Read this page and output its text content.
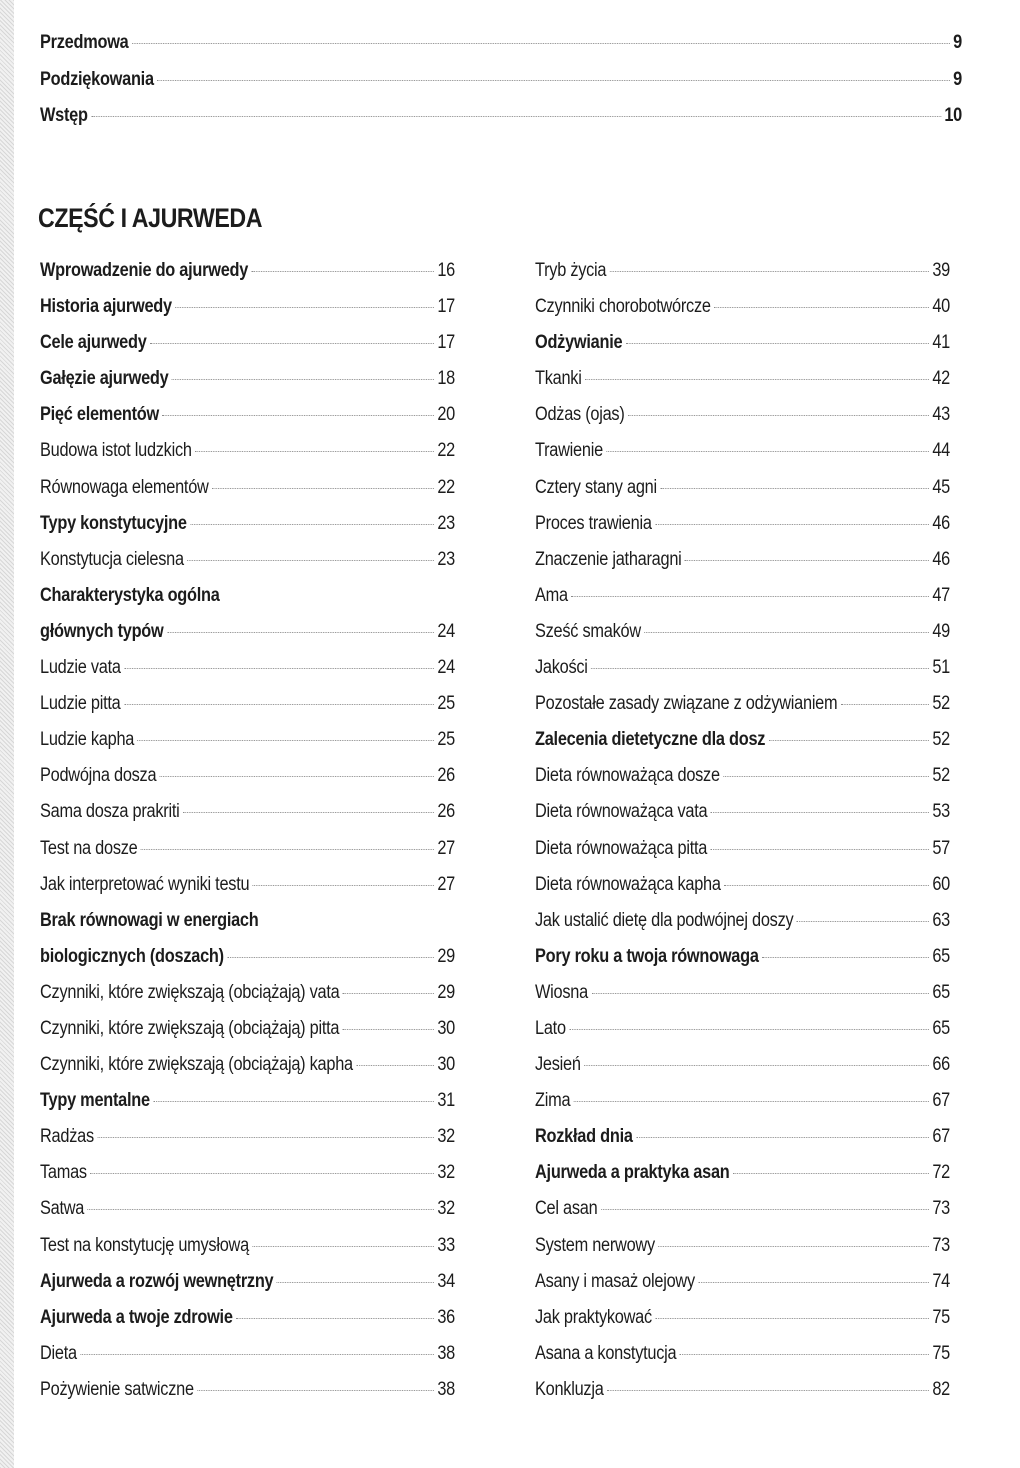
Przedmowa	9
Podziękowania	9
Wstęp	10
CZĘŚĆ I AJURWEDA
Wprowadzenie do ajurwedy	16
Historia ajurwedy	17
Cele ajurwedy	17
Gałęzie ajurwedy	18
Pięć elementów	20
Budowa istot ludzkich	22
Równowaga elementów	22
Typy konstytucyjne	23
Konstytucja cielesna	23
Charakterystyka ogólna
głównych typów	24
Ludzie vata	24
Ludzie pitta	25
Ludzie kapha	25
Podwójna dosza	26
Sama dosza prakriti	26
Test na dosze	27
Jak interpretować wyniki testu	27
Brak równowagi w energiach
biologicznych (doszach)	29
Czynniki, które zwiększają (obciążają) vata	29
Czynniki, które zwiększają (obciążają) pitta	30
Czynniki, które zwiększają (obciążają) kapha	30
Typy mentalne	31
Radżas	32
Tamas	32
Satwa	32
Test na konstytucję umysłową	33
Ajurweda a rozwój wewnętrzny	34
Ajurweda a twoje zdrowie	36
Dieta	38
Pożywienie satwiczne	38
Tryb życia	39
Czynniki chorobotwórcze	40
Odżywianie	41
Tkanki	42
Odżas (ojas)	43
Trawienie	44
Cztery stany agni	45
Proces trawienia	46
Znaczenie jatharagni	46
Ama	47
Sześć smaków	49
Jakości	51
Pozostałe zasady związane z odżywianiem	52
Zalecenia dietetyczne dla dosz	52
Dieta równoważąca dosze	52
Dieta równoważąca vata	53
Dieta równoważąca pitta	57
Dieta równoważąca kapha	60
Jak ustalić dietę dla podwójnej doszy	63
Pory roku a twoja równowaga	65
Wiosna	65
Lato	65
Jesień	66
Zima	67
Rozkład dnia	67
Ajurweda a praktyka asan	72
Cel asan	73
System nerwowy	73
Asany i masaż olejowy	74
Jak praktykować	75
Asana a konstytucja	75
Konkluzja	82
